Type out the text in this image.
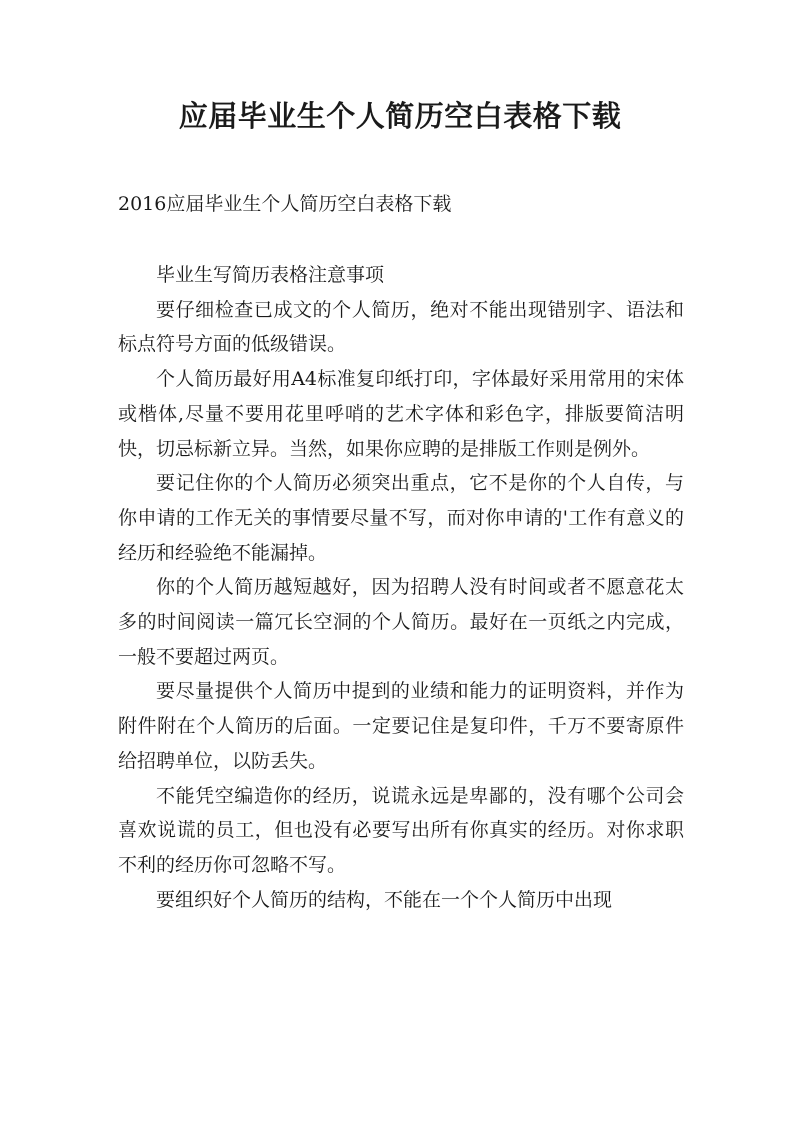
应届毕业生个人简历空白表格下载

2016应届毕业生个人简历空白表格下载

毕业生写简历表格注意事项

要仔细检查已成文的个人简历，绝对不能出现错别字、语法和标点符号方面的低级错误。

个人简历最好用A4标准复印纸打印，字体最好采用常用的宋体或楷体,尽量不要用花里呼哨的艺术字体和彩色字，排版要简洁明快，切忌标新立异。当然，如果你应聘的是排版工作则是例外。

要记住你的个人简历必须突出重点，它不是你的个人自传，与你申请的工作无关的事情要尽量不写，而对你申请的'工作有意义的经历和经验绝不能漏掉。

你的个人简历越短越好，因为招聘人没有时间或者不愿意花太多的时间阅读一篇冗长空洞的个人简历。最好在一页纸之内完成，一般不要超过两页。

要尽量提供个人简历中提到的业绩和能力的证明资料，并作为附件附在个人简历的后面。一定要记住是复印件，千万不要寄原件给招聘单位，以防丢失。

不能凭空编造你的经历，说谎永远是卑鄙的，没有哪个公司会喜欢说谎的员工，但也没有必要写出所有你真实的经历。对你求职不利的经历你可忽略不写。

要组织好个人简历的结构，不能在一个个人简历中出现
